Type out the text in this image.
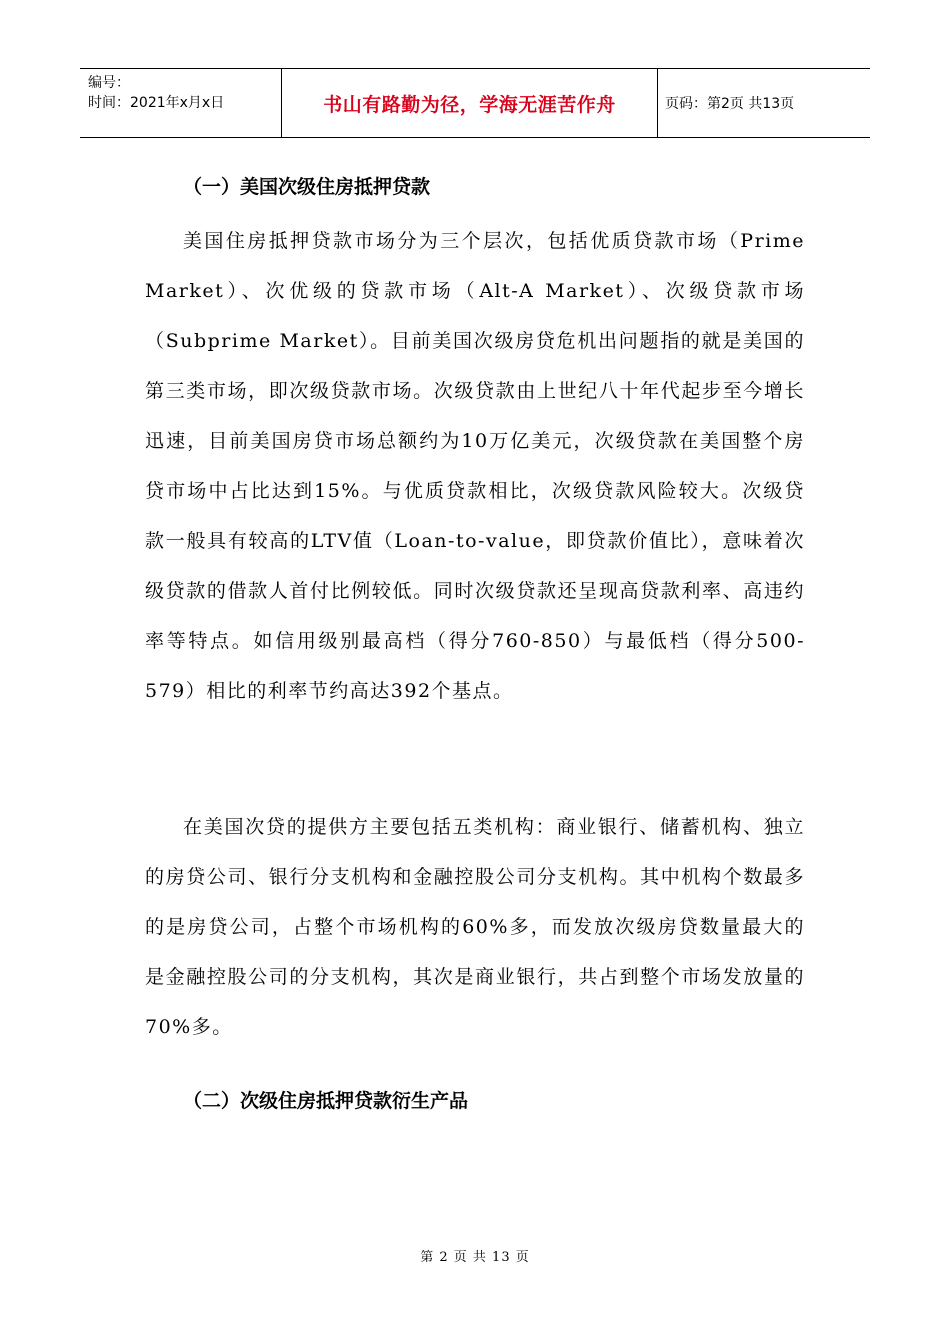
编号：
时间：2021年x月x日	书山有路勤为径，学海无涯苦作舟	页码：第2页 共13页
（一）美国次级住房抵押贷款

美国住房抵押贷款市场分为三个层次，包括优质贷款市场（Prime Market）、次优级的贷款市场（Alt-A Market）、次级贷款市场（Subprime Market）。目前美国次级房贷危机出问题指的就是美国的第三类市场，即次级贷款市场。次级贷款由上世纪八十年代起步至今增长迅速，目前美国房贷市场总额约为10万亿美元，次级贷款在美国整个房贷市场中占比达到15%。与优质贷款相比，次级贷款风险较大。次级贷款一般具有较高的LTV值（Loan-to-value，即贷款价值比），意味着次级贷款的借款人首付比例较低。同时次级贷款还呈现高贷款利率、高违约率等特点。如信用级别最高档（得分760-850）与最低档（得分500-579）相比的利率节约高达392个基点。

在美国次贷的提供方主要包括五类机构：商业银行、储蓄机构、独立的房贷公司、银行分支机构和金融控股公司分支机构。其中机构个数最多的是房贷公司，占整个市场机构的60%多，而发放次级房贷数量最大的是金融控股公司的分支机构，其次是商业银行，共占到整个市场发放量的70%多。

（二）次级住房抵押贷款衍生产品
第 2 页 共 13 页
